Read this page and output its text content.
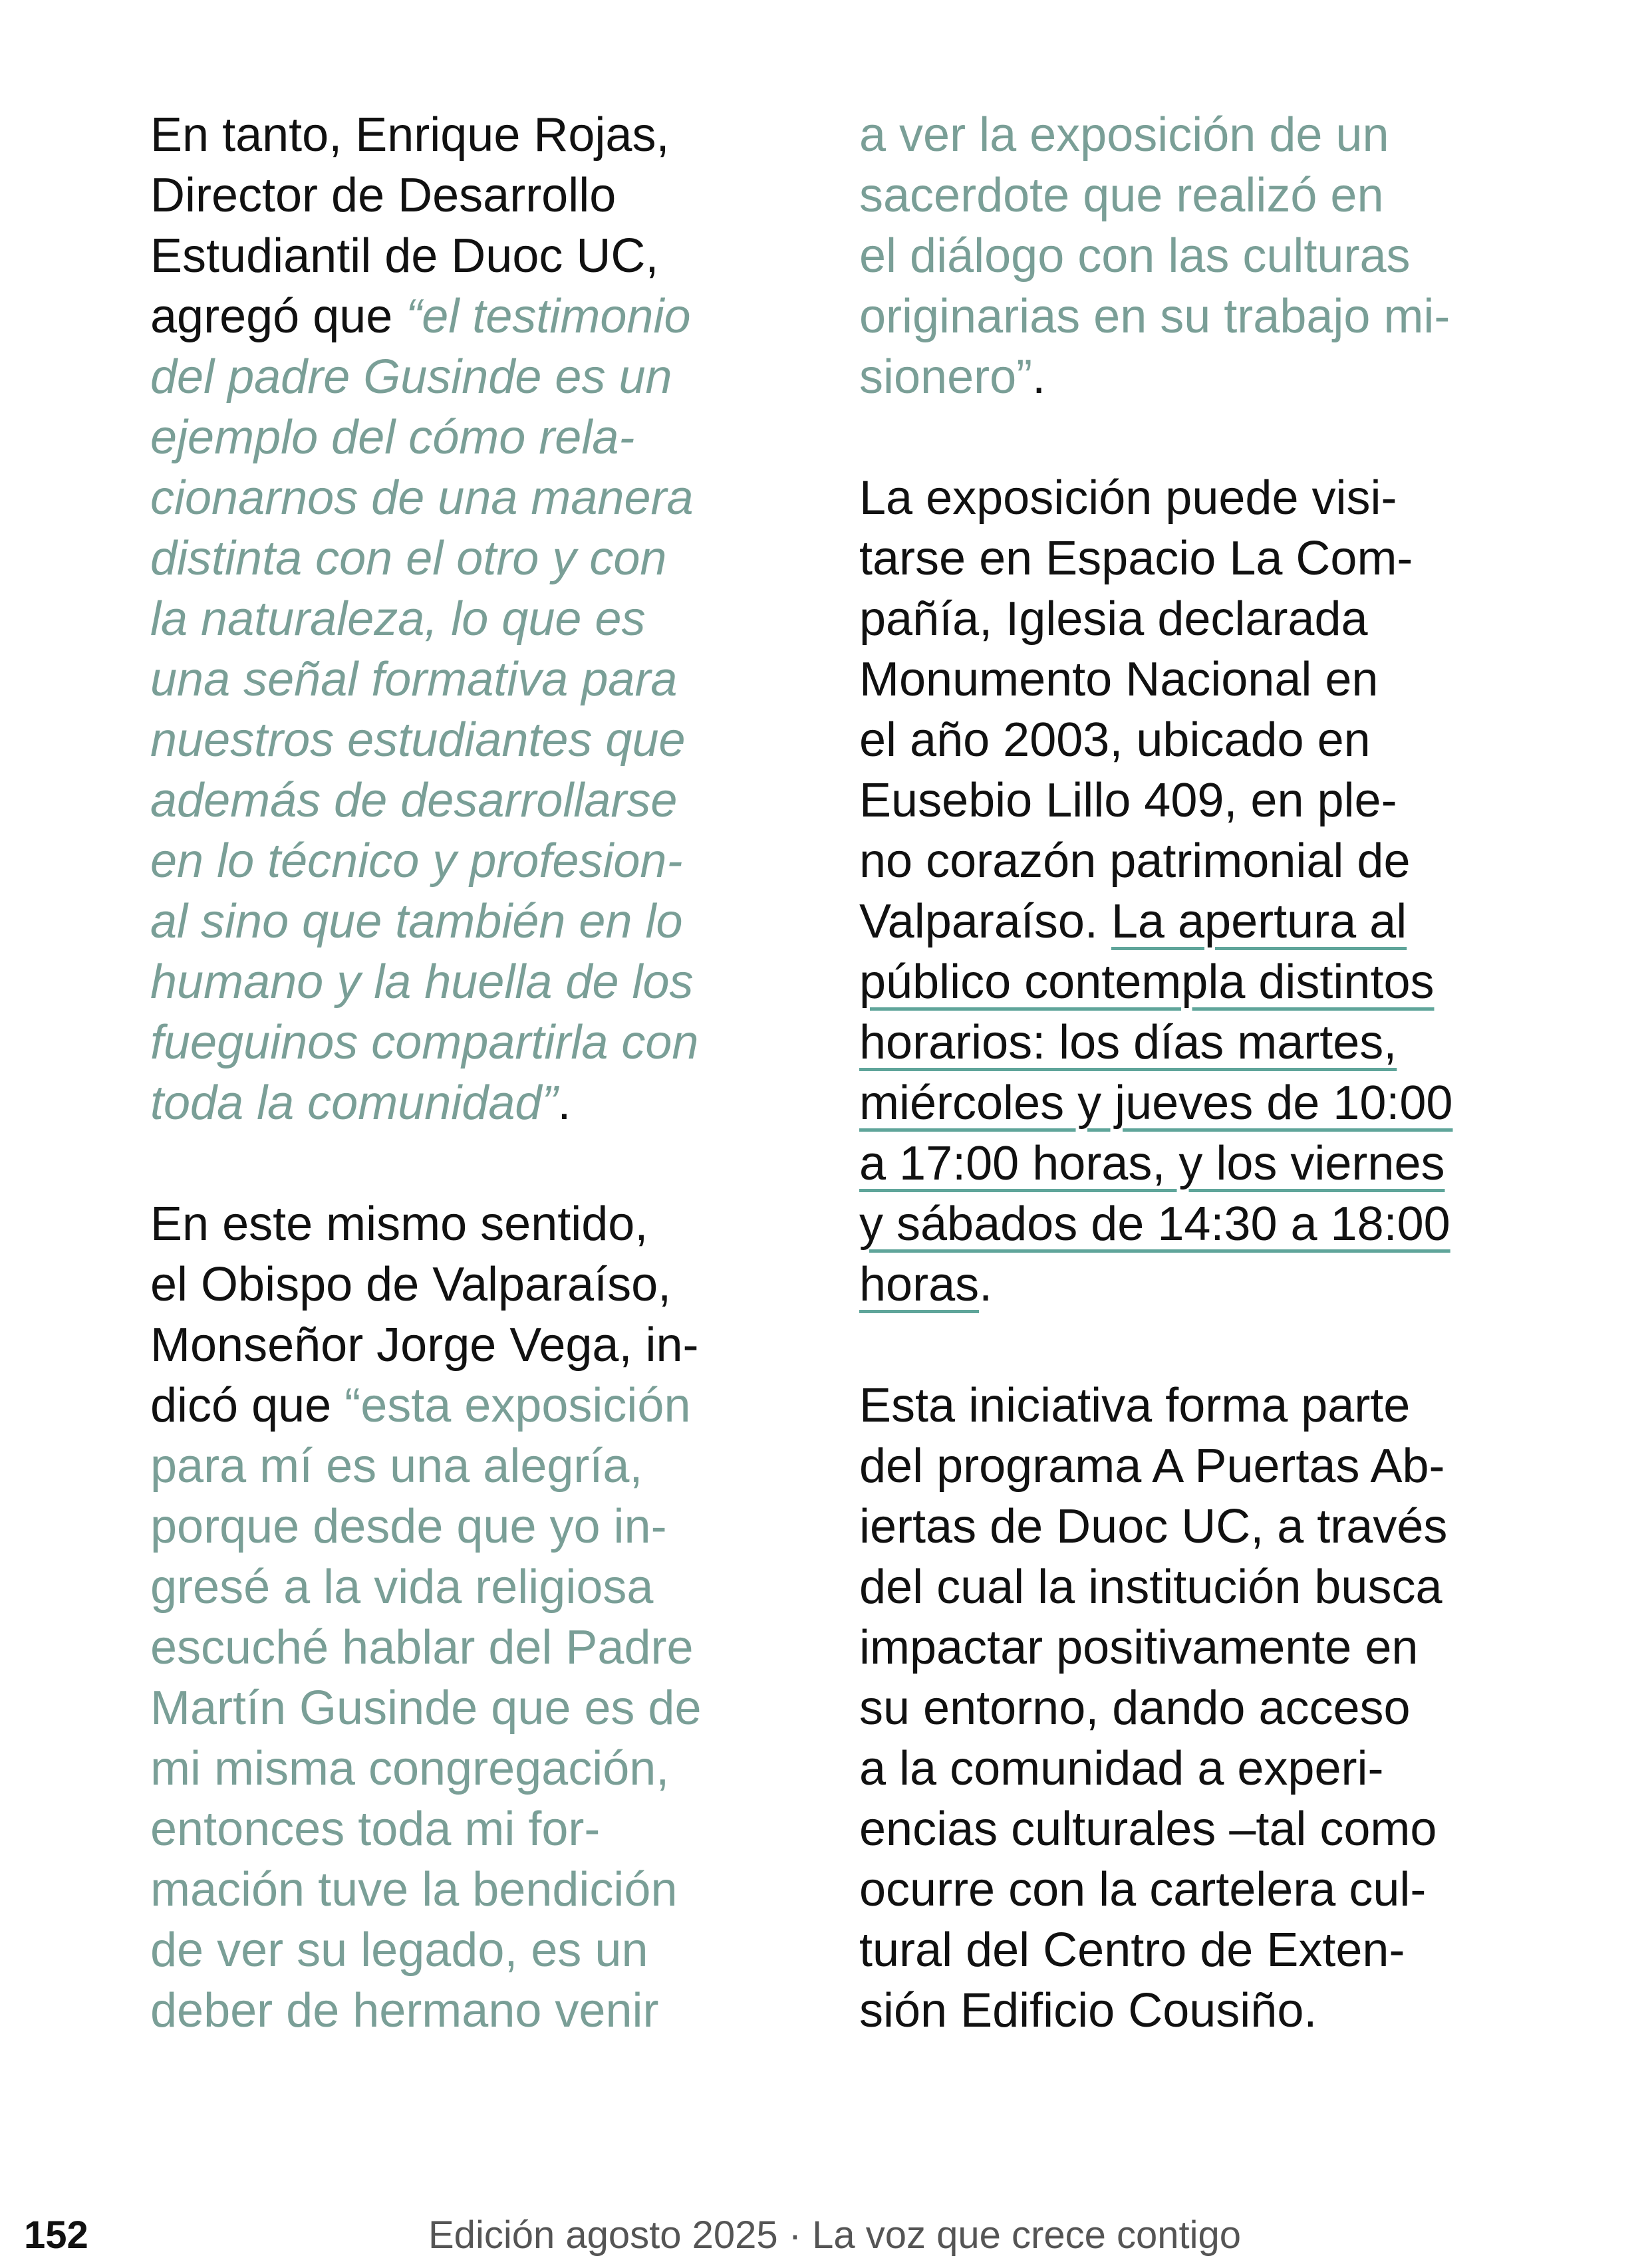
En tanto, Enrique Rojas,
Director de Desarrollo
Estudiantil de Duoc UC,
agregó que “el testimonio
del padre Gusinde es un
ejemplo del cómo rela-
cionarnos de una manera
distinta con el otro y con
la naturaleza, lo que es
una señal formativa para
nuestros estudiantes que
además de desarrollarse
en lo técnico y profesion-
al sino que también en lo
humano y la huella de los
fueguinos compartirla con
toda la comunidad”.
En este mismo sentido,
el Obispo de Valparaíso,
Monseñor Jorge Vega, in-
dicó que “esta exposición
para mí es una alegría,
porque desde que yo in-
gresé a la vida religiosa
escuché hablar del Padre
Martín Gusinde que es de
mi misma congregación,
entonces toda mi for-
mación tuve la bendición
de ver su legado, es un
deber de hermano venir
a ver la exposición de un
sacerdote que realizó en
el diálogo con las culturas
originarias en su trabajo mi-
sionero”.
La exposición puede visi-
tarse en Espacio La Com-
pañía, Iglesia declarada
Monumento Nacional en
el año 2003, ubicado en
Eusebio Lillo 409, en ple-
no corazón patrimonial de
Valparaíso. La apertura al
público contempla distintos
horarios: los días martes,
miércoles y jueves de 10:00
a 17:00 horas, y los viernes
y sábados de 14:30 a 18:00
horas.
Esta iniciativa forma parte
del programa A Puertas Ab-
iertas de Duoc UC, a través
del cual la institución busca
impactar positivamente en
su entorno, dando acceso
a la comunidad a experi-
encias culturales –tal como
ocurre con la cartelera cul-
tural del Centro de Exten-
sión Edificio Cousiño.
152	Edición agosto 2025 · La voz que crece contigo
